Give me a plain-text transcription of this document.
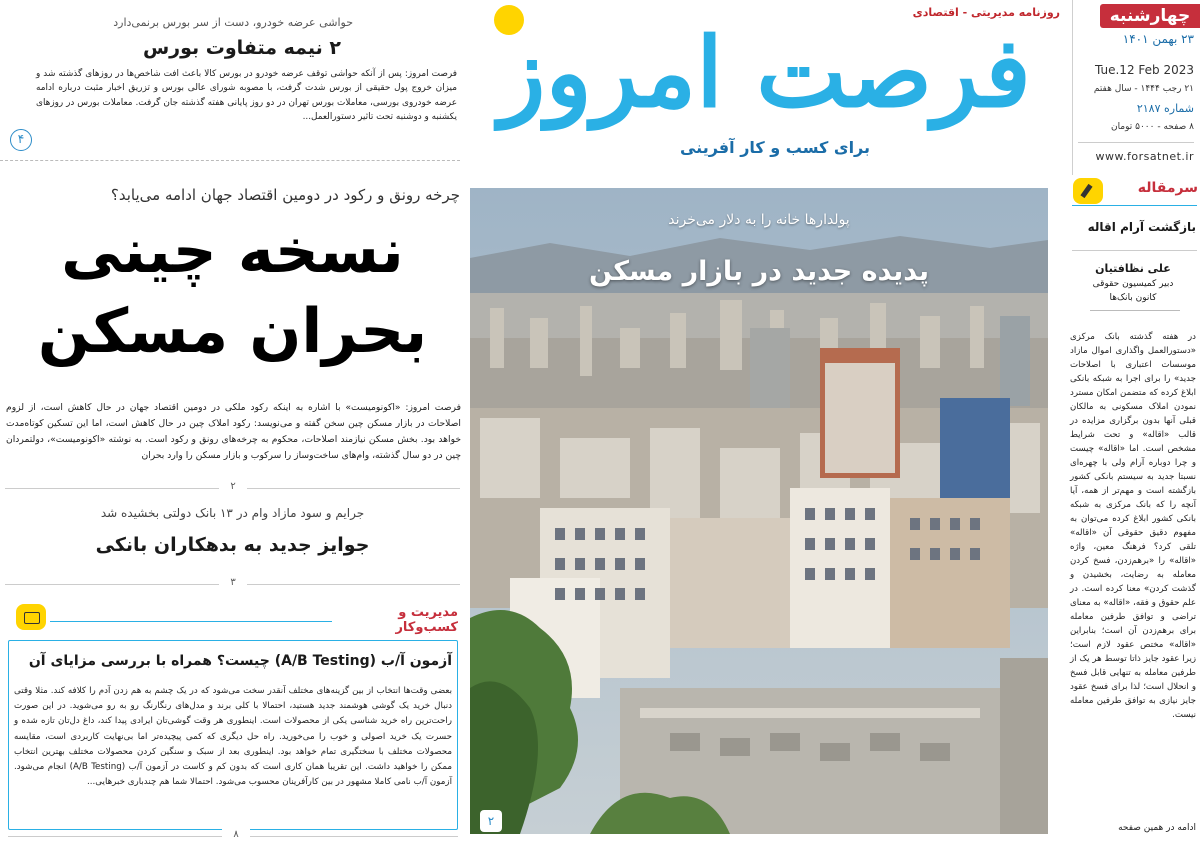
روزنامه مدیریتی - اقتصادی
فرصت امروز
برای کسب و کار آفرینی
چهارشنبه
۲۳ بهمن ۱۴۰۱
Tue.12 Feb 2023
۲۱ رجب ۱۴۴۴ - سال هفتم
شماره ۲۱۸۷
۸ صفحه - ۵۰۰۰ تومان
www.forsatnet.ir
حواشی عرضه خودرو، دست از سر بورس برنمی‌دارد
۲ نیمه متفاوت بورس
فرصت امروز: پس از آنکه حواشی توقف عرضه خودرو در بورس کالا باعث افت شاخص‌ها در روزهای گذشته شد و میزان خروج پول حقیقی از بورس شدت گرفت، با مصوبه شورای عالی بورس و تزریق اخبار مثبت درباره ادامه عرضه خودروی بورسی، معاملات بورس تهران در دو روز پایانی هفته گذشته جان گرفت. معاملات بورس در روزهای یکشنبه و دوشنبه تحت تاثیر دستورالعمل...
۴
چرخه رونق و رکود در دومین اقتصاد جهان ادامه می‌یابد؟
نسخه چینی
بحران مسکن
فرصت امروز: «اکونومیست» با اشاره به اینکه رکود ملکی در دومین اقتصاد جهان در حال کاهش است، از لزوم اصلاحات در بازار مسکن چین سخن گفته و می‌نویسد: رکود املاک چین در حال کاهش است، اما این تسکین کوتاه‌مدت خواهد بود. بخش مسکن نیازمند اصلاحات، محکوم به چرخه‌های رونق و رکود است. به نوشته «اکونومیست»، دولتمردان چین در دو سال گذشته، وام‌های ساخت‌وساز را سرکوب و بازار مسکن را وارد بحران
۲
جرایم و سود مازاد وام در ۱۳ بانک دولتی بخشیده شد
جوایز جدید به بدهکاران بانکی
۳
مدیریت و کسب‌وکار
آزمون آ/ب (A/B Testing) چیست؟ همراه با بررسی مزایای آن
بعضی وقت‌ها انتخاب از بین گزینه‌های مختلف آنقدر سخت می‌شود که در یک چشم به هم زدن آدم را کلافه کند. مثلا وقتی دنبال خرید یک گوشی هوشمند جدید هستید، احتمالا با کلی برند و مدل‌های رنگارنگ رو به رو می‌شوید. در این صورت راحت‌ترین راه خرید شناسی یکی از محصولات است. اینطوری هر وقت گوشی‌تان ایرادی پیدا کند، داغ دل‌تان تازه شده و حسرت یک خرید اصولی و خوب را می‌خورید. راه حل دیگری که کمی پیچیده‌تر اما بی‌نهایت کاربردی است، مقایسه محصولات مختلف با سختگیری تمام خواهد بود. اینطوری بعد از سبک و سنگین کردن محصولات مختلف بهترین انتخاب ممکن را خواهید داشت. این تقریبا همان کاری است که بدون کم و کاست در آزمون آ/ب (A/B Testing) انجام می‌شود. آزمون آ/ب نامی کاملا مشهور در بین کارآفرینان محسوب می‌شود. احتمالا شما هم چندباری خبرهایی...
۸
پولدارها خانه را به دلار می‌خرند
پدیده جدید در بازار مسکن
۲
سرمقاله
بازگشت آرام اقاله
علی نظافتیان
دبیر کمیسیون حقوقی
کانون بانک‌ها
در هفته گذشته بانک مرکزی «دستورالعمل واگذاری اموال مازاد موسسات اعتباری با اصلاحات جدید» را برای اجرا به شبکه بانکی ابلاغ کرده که متضمن امکان مسترد نمودن املاک مسکونی به مالکان قبلی آنها بدون برگزاری مزایده در قالب «اقاله» و تحت شرایط مشخص است. اما «اقاله» چیست و چرا دوباره آرام ولی با چهره‌ای نسبتا جدید به سیستم بانکی کشور بازگشته است و مهم‌تر از همه، آیا آنچه را که بانک مرکزی به شبکه بانکی کشور ابلاغ کرده می‌توان به مفهوم دقیق حقوقی آن «اقاله» تلقی کرد؟ فرهنگ معین، واژه «اقاله» را «برهم‌زدن، فسخ کردن معامله به رضایت، بخشیدن و گذشت کردن» معنا کرده است. در علم حقوق و فقه، «اقاله» به معنای تراضی و توافق طرفین معامله برای برهم‌زدن آن است؛ بنابراین «اقاله» مختص عقود لازم است؛ زیرا عقود جایز ذاتا توسط هر یک از طرفین معامله به تنهایی قابل فسخ و انحلال است؛ لذا برای فسخ عقود جایز نیازی به توافق طرفین معامله نیست.
ادامه در همین صفحه
